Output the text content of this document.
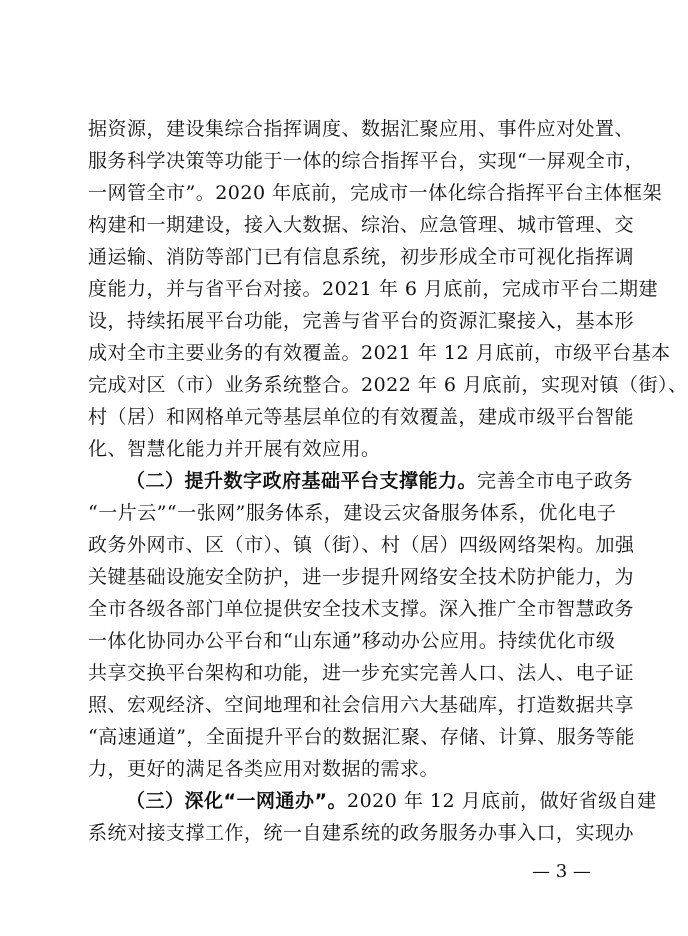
据资源，建设集综合指挥调度、数据汇聚应用、事件应对处置、
服务科学决策等功能于一体的综合指挥平台，实现“一屏观全市，
一网管全市”。2020 年底前，完成市一体化综合指挥平台主体框架
构建和一期建设，接入大数据、综治、应急管理、城市管理、交
通运输、消防等部门已有信息系统，初步形成全市可视化指挥调
度能力，并与省平台对接。2021 年 6 月底前，完成市平台二期建
设，持续拓展平台功能，完善与省平台的资源汇聚接入，基本形
成对全市主要业务的有效覆盖。2021 年 12 月底前，市级平台基本
完成对区（市）业务系统整合。2022 年 6 月底前，实现对镇（街）、
村（居）和网格单元等基层单位的有效覆盖，建成市级平台智能
化、智慧化能力并开展有效应用。
（二）提升数字政府基础平台支撑能力。完善全市电子政务
“一片云”“一张网”服务体系，建设云灾备服务体系，优化电子
政务外网市、区（市）、镇（街）、村（居）四级网络架构。加强
关键基础设施安全防护，进一步提升网络安全技术防护能力，为
全市各级各部门单位提供安全技术支撑。深入推广全市智慧政务
一体化协同办公平台和“山东通”移动办公应用。持续优化市级
共享交换平台架构和功能，进一步充实完善人口、法人、电子证
照、宏观经济、空间地理和社会信用六大基础库，打造数据共享
“高速通道”，全面提升平台的数据汇聚、存储、计算、服务等能
力，更好的满足各类应用对数据的需求。
（三）深化“一网通办”。2020 年 12 月底前，做好省级自建
系统对接支撑工作，统一自建系统的政务服务办事入口，实现办
— 3 —
